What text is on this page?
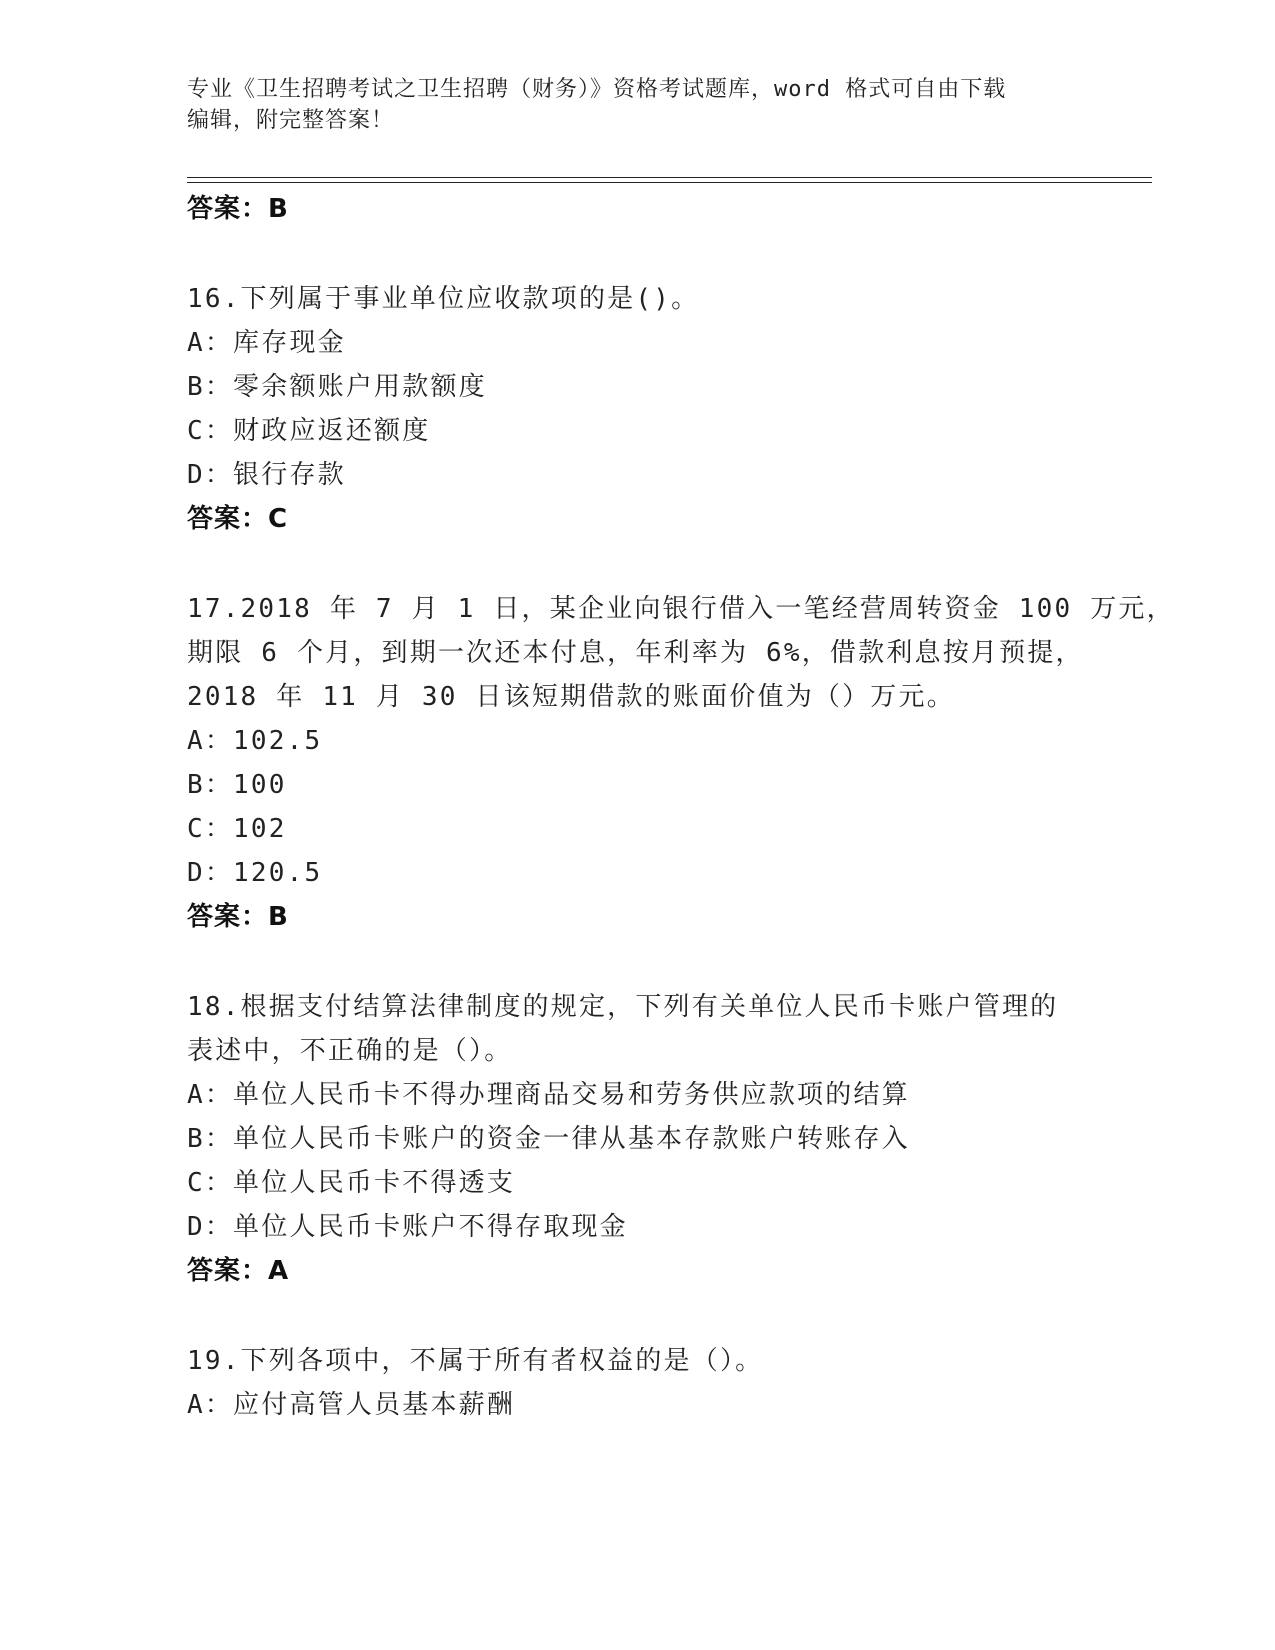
专业《卫生招聘考试之卫生招聘（财务）》资格考试题库，word 格式可自由下载
编辑，附完整答案！
答案：B
16.下列属于事业单位应收款项的是()。
A：库存现金
B：零余额账户用款额度
C：财政应返还额度
D：银行存款
答案：C
17.2018 年 7 月 1 日，某企业向银行借入一笔经营周转资金 100 万元，
期限 6 个月，到期一次还本付息，年利率为 6%，借款利息按月预提，
2018 年 11 月 30 日该短期借款的账面价值为（）万元。
A：102.5
B：100
C：102
D：120.5
答案：B
18.根据支付结算法律制度的规定，下列有关单位人民币卡账户管理的
表述中，不正确的是（）。
A：单位人民币卡不得办理商品交易和劳务供应款项的结算
B：单位人民币卡账户的资金一律从基本存款账户转账存入
C：单位人民币卡不得透支
D：单位人民币卡账户不得存取现金
答案：A
19.下列各项中，不属于所有者权益的是（）。
A：应付高管人员基本薪酬
